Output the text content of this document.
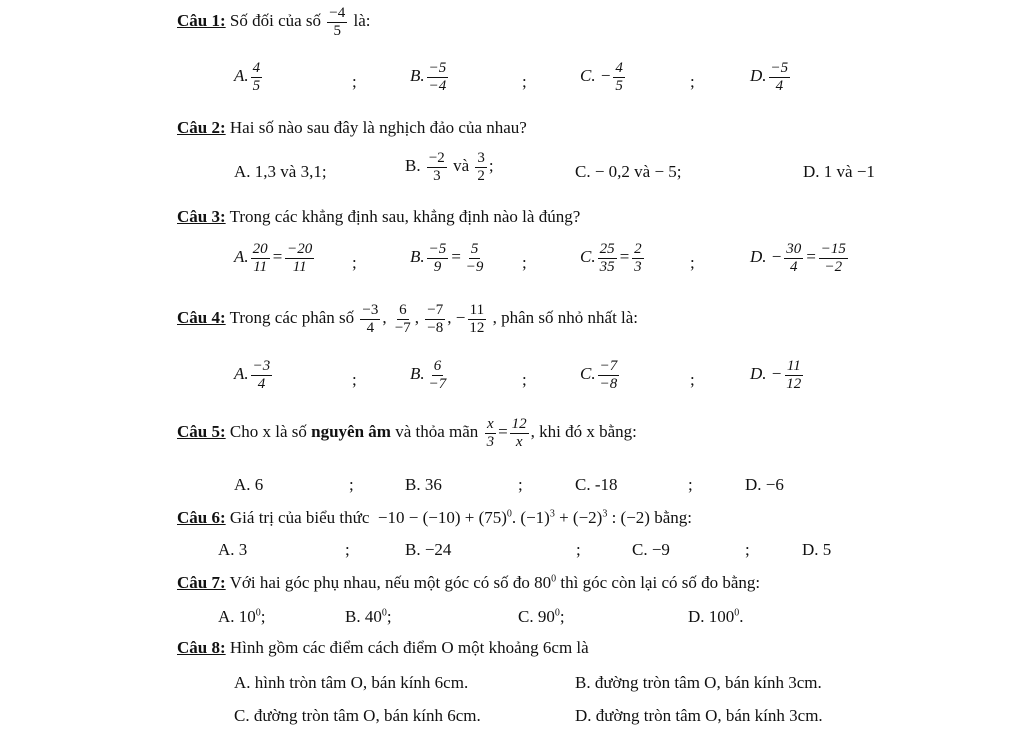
Câu 1: Số đối của số $\frac{-4}{5}$ là:
A. $\frac{4}{5}$	;	B. $\frac{-5}{-4}$	;	C. − $\frac{4}{5}$	;	D. $\frac{-5}{4}$
Câu 2: Hai số nào sau đây là nghịch đảo của nhau?
A. 1,3 và 3,1;	B. $\frac{-2}{3}$ và $\frac{3}{2}$ ;	C. − 0,2 và − 5;	D. 1 và −1
Câu 3: Trong các khẳng định sau, khẳng định nào là đúng?
A. $\frac{20}{11} = \frac{-20}{11}$ ;	B. $\frac{-5}{9} = \frac{5}{-9}$ ;	C. $\frac{25}{35} = \frac{2}{3}$	;	D. − $\frac{30}{4} = \frac{-15}{-2}$
Câu 4: Trong các phân số $\frac{-3}{4}$ , $\frac{6}{-7}$ , $\frac{-7}{-8}$ , − $\frac{11}{12}$ , phân số nhỏ nhất là:
A. $\frac{-3}{4}$	;	B. $\frac{6}{-7}$	;	C. $\frac{-7}{-8}$	;	D. − $\frac{11}{12}$
Câu 5: Cho x là số nguyên âm và thỏa mãn $\frac{x}{3} = \frac{12}{x}$ , khi đó x bằng:
A. 6	;	B. 36	;	C. -18	;	D. −6
Câu 6: Giá trị của biểu thức $-10 - (-10) + (75)^0$. $(-1)^3 + (-2)^3$ : (−2) bằng:
A. 3	;	B. −24	;	C. −9	;	D. 5
Câu 7: Với hai góc phụ nhau, nếu một góc có số đo $80^0$ thì góc còn lại có số đo bằng:
A. $10^0$;	B. $40^0$;	C. $90^0$;	D. $100^0$.
Câu 8: Hình gồm các điểm cách điểm O một khoảng 6cm là
A. hình tròn tâm O, bán kính 6cm.	B. đường tròn tâm O, bán kính 3cm.
C. đường tròn tâm O, bán kính 6cm.	D. đường tròn tâm O, bán kính 3cm.
